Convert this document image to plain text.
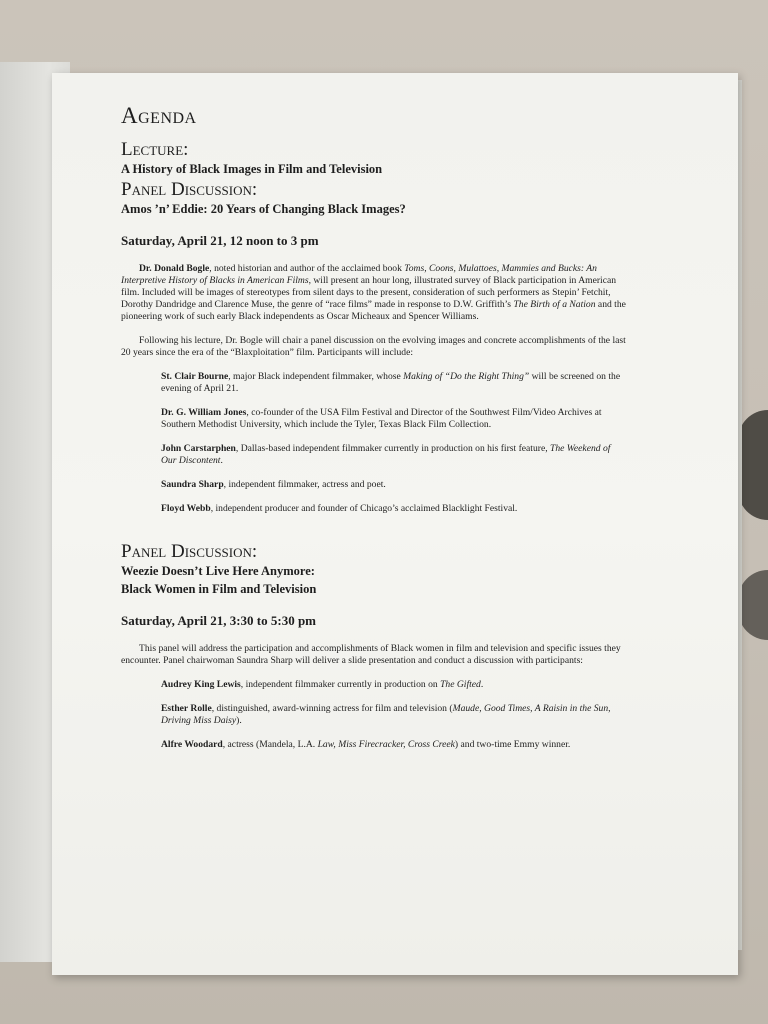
Agenda
Lecture:
A History of Black Images in Film and Television
Panel Discussion:
Amos ’n’ Eddie: 20 Years of Changing Black Images?
Saturday, April 21, 12 noon to 3 pm

Dr. Donald Bogle, noted historian and author of the acclaimed book Toms, Coons, Mulattoes, Mammies and Bucks: An Interpretive History of Blacks in American Films, will present an hour long, illustrated survey of Black participation in American film. Included will be images of stereotypes from silent days to the present, consideration of such performers as Stepin’ Fetchit, Dorothy Dandridge and Clarence Muse, the genre of “race films” made in response to D.W. Griffith’s The Birth of a Nation and the pioneering work of such early Black independents as Oscar Micheaux and Spencer Williams.

Following his lecture, Dr. Bogle will chair a panel discussion on the evolving images and concrete accomplishments of the last 20 years since the era of the “Blaxploitation” film. Participants will include:

St. Clair Bourne, major Black independent filmmaker, whose Making of “Do the Right Thing” will be screened on the evening of April 21.
Dr. G. William Jones, co-founder of the USA Film Festival and Director of the Southwest Film/Video Archives at Southern Methodist University, which include the Tyler, Texas Black Film Collection.
John Carstarphen, Dallas-based independent filmmaker currently in production on his first feature, The Weekend of Our Discontent.
Saundra Sharp, independent filmmaker, actress and poet.
Floyd Webb, independent producer and founder of Chicago’s acclaimed Blacklight Festival.
Panel Discussion:
Weezie Doesn’t Live Here Anymore:
Black Women in Film and Television
Saturday, April 21, 3:30 to 5:30 pm

This panel will address the participation and accomplishments of Black women in film and television and specific issues they encounter. Panel chairwoman Saundra Sharp will deliver a slide presentation and conduct a discussion with participants:

Audrey King Lewis, independent filmmaker currently in production on The Gifted.
Esther Rolle, distinguished, award-winning actress for film and television (Maude, Good Times, A Raisin in the Sun, Driving Miss Daisy).
Alfre Woodard, actress (Mandela, L.A. Law, Miss Firecracker, Cross Creek) and two-time Emmy winner.
